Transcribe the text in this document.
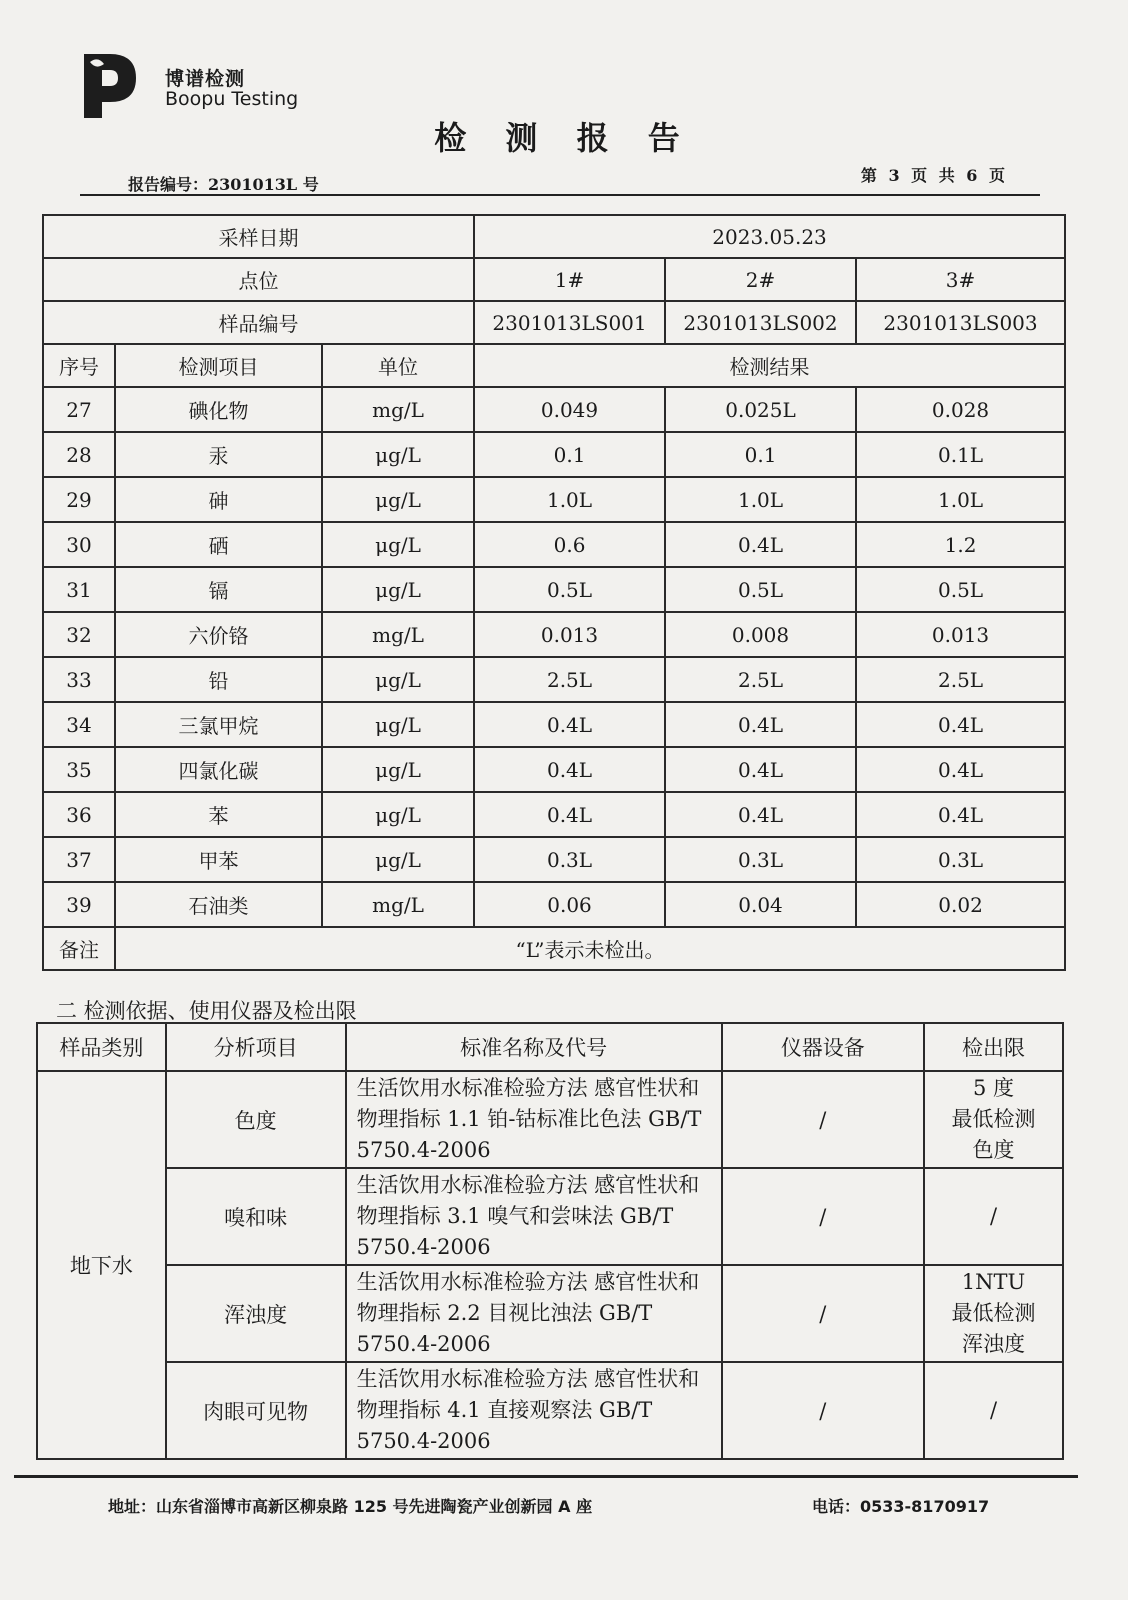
博谱检测
Boopu Testing
检 测 报 告
报告编号：2301013L 号	第 3 页 共 6 页
采样日期			2023.05.23		
点位			1#	2#	3#
样品编号			2301013LS001	2301013LS002	2301013LS003
序号	检测项目	单位	检测结果		
27	碘化物	mg/L	0.049	0.025L	0.028
28	汞	μg/L	0.1	0.1	0.1L
29	砷	μg/L	1.0L	1.0L	1.0L
30	硒	μg/L	0.6	0.4L	1.2
31	镉	μg/L	0.5L	0.5L	0.5L
32	六价铬	mg/L	0.013	0.008	0.013
33	铅	μg/L	2.5L	2.5L	2.5L
34	三氯甲烷	μg/L	0.4L	0.4L	0.4L
35	四氯化碳	μg/L	0.4L	0.4L	0.4L
36	苯	μg/L	0.4L	0.4L	0.4L
37	甲苯	μg/L	0.3L	0.3L	0.3L
39	石油类	mg/L	0.06	0.04	0.02
备注	“L”表示未检出。				
二 检测依据、使用仪器及检出限
样品类别	分析项目	标准名称及代号	仪器设备	检出限
地下水	色度	生活饮用水标准检验方法 感官性状和物理指标 1.1 铂-钴标准比色法 GB/T 5750.4-2006	/	5 度
最低检测
色度
	嗅和味	生活饮用水标准检验方法 感官性状和物理指标 3.1 嗅气和尝味法 GB/T 5750.4-2006	/	/
	浑浊度	生活饮用水标准检验方法 感官性状和物理指标 2.2 目视比浊法 GB/T 5750.4-2006	/	1NTU
最低检测
浑浊度
	肉眼可见物	生活饮用水标准检验方法 感官性状和物理指标 4.1 直接观察法 GB/T 5750.4-2006	/	/
地址：山东省淄博市高新区柳泉路 125 号先进陶瓷产业创新园 A 座	电话：0533-8170917
